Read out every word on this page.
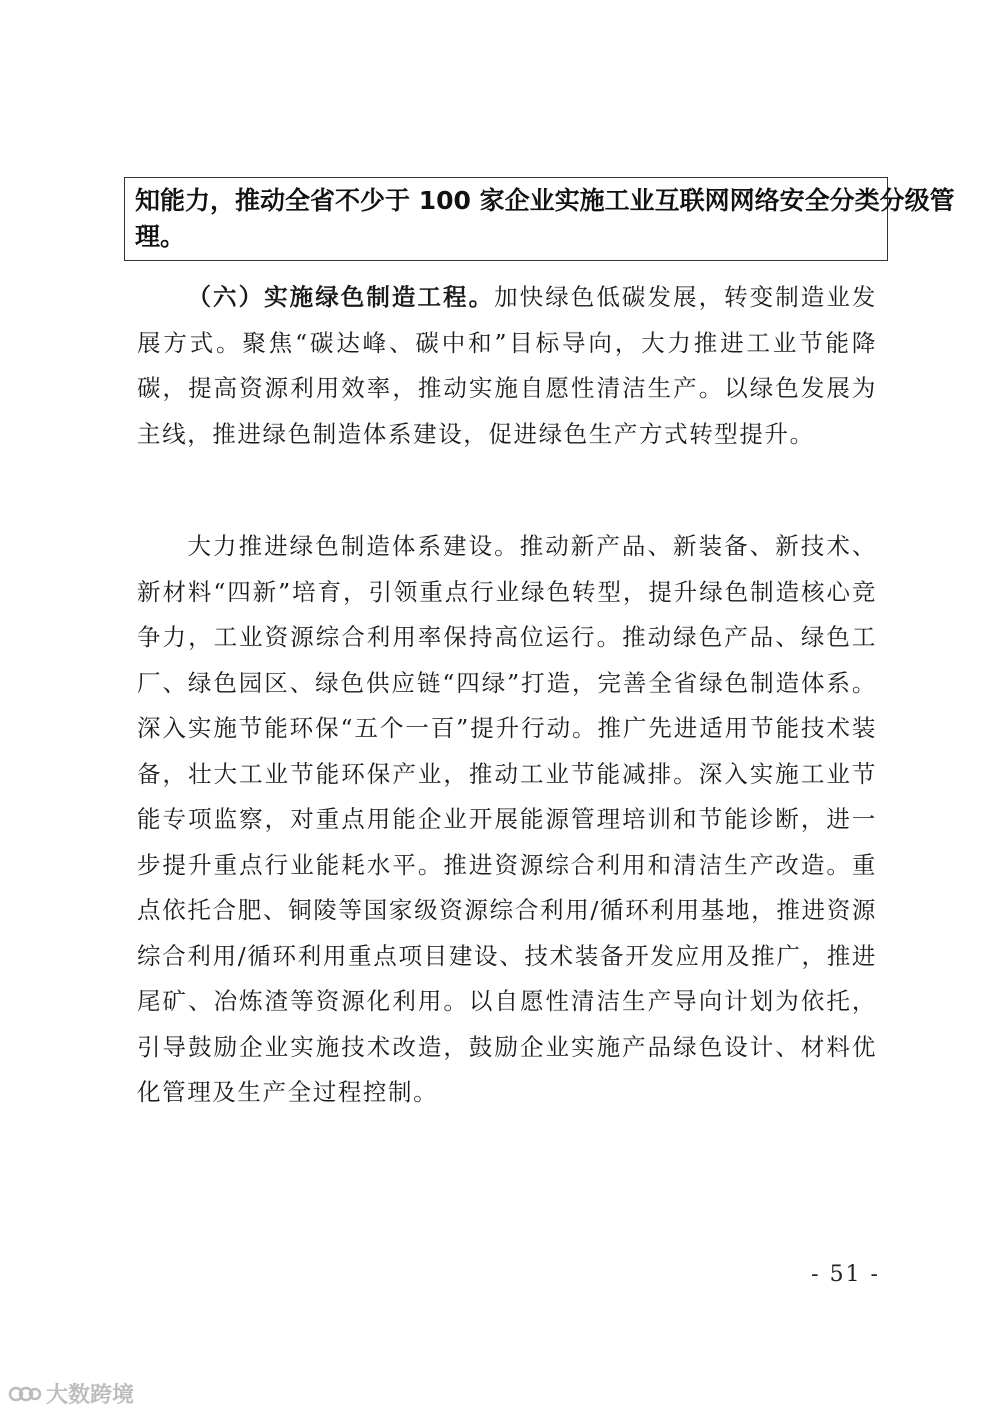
知能力，推动全省不少于 100 家企业实施工业互联网网络安全分类分级管
理。
（六）实施绿色制造工程。加快绿色低碳发展，转变制造业发展方式。聚焦“碳达峰、碳中和”目标导向，大力推进工业节能降碳，提高资源利用效率，推动实施自愿性清洁生产。以绿色发展为主线，推进绿色制造体系建设，促进绿色生产方式转型提升。
大力推进绿色制造体系建设。推动新产品、新装备、新技术、新材料“四新”培育，引领重点行业绿色转型，提升绿色制造核心竞争力，工业资源综合利用率保持高位运行。推动绿色产品、绿色工厂、绿色园区、绿色供应链“四绿”打造，完善全省绿色制造体系。深入实施节能环保“五个一百”提升行动。推广先进适用节能技术装备，壮大工业节能环保产业，推动工业节能减排。深入实施工业节能专项监察，对重点用能企业开展能源管理培训和节能诊断，进一步提升重点行业能耗水平。推进资源综合利用和清洁生产改造。重点依托合肥、铜陵等国家级资源综合利用/循环利用基地，推进资源综合利用/循环利用重点项目建设、技术装备开发应用及推广，推进尾矿、冶炼渣等资源化利用。以自愿性清洁生产导向计划为依托，引导鼓励企业实施技术改造，鼓励企业实施产品绿色设计、材料优化管理及生产全过程控制。
- 51 -
大数跨境
